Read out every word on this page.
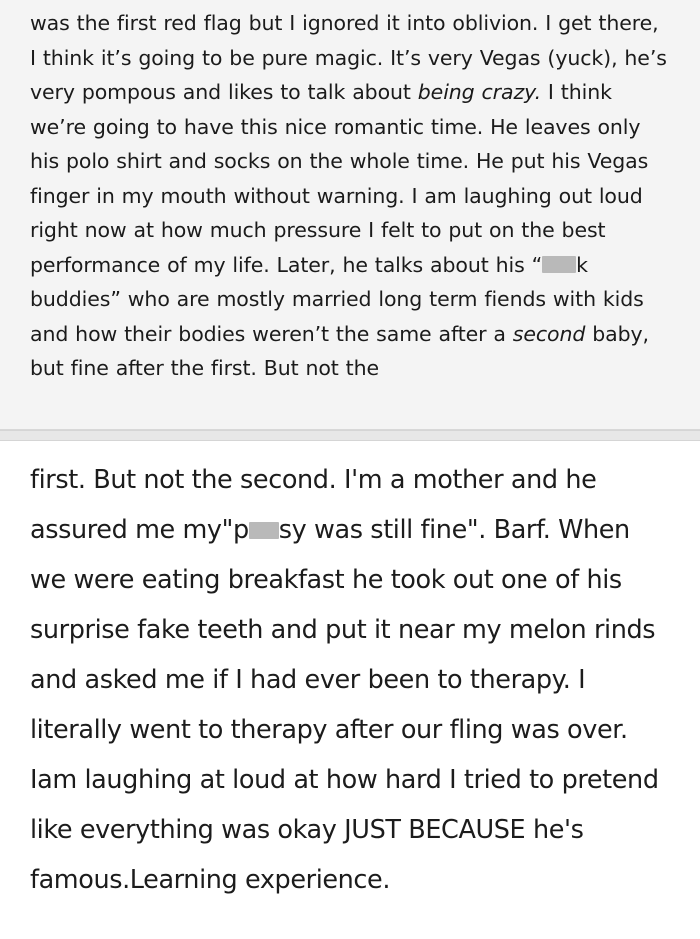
was the first red flag but I ignored it into oblivion. I get there, I think it’s going to be pure magic. It’s very Vegas (yuck), he’s very pompous and likes to talk about being crazy. I think we’re going to have this nice romantic time. He leaves only his polo shirt and socks on the whole time. He put his Vegas finger in my mouth without warning. I am laughing out loud right now at how much pressure I felt to put on the best performance of my life. Later, he talks about his “ k buddies” who are mostly married long term fiends with kids and how their bodies weren’t the same after a second baby, but fine after the first. But not the
first. But not the second. I'm a mother and he assured me my"p sy was still fine". Barf. When we were eating breakfast he took out one of his surprise fake teeth and put it near my melon rinds and asked me if I had ever been to therapy. I literally went to therapy after our fling was over. Iam laughing at loud at how hard I tried to pretend like everything was okay JUST BECAUSE he's famous.Learning experience.
